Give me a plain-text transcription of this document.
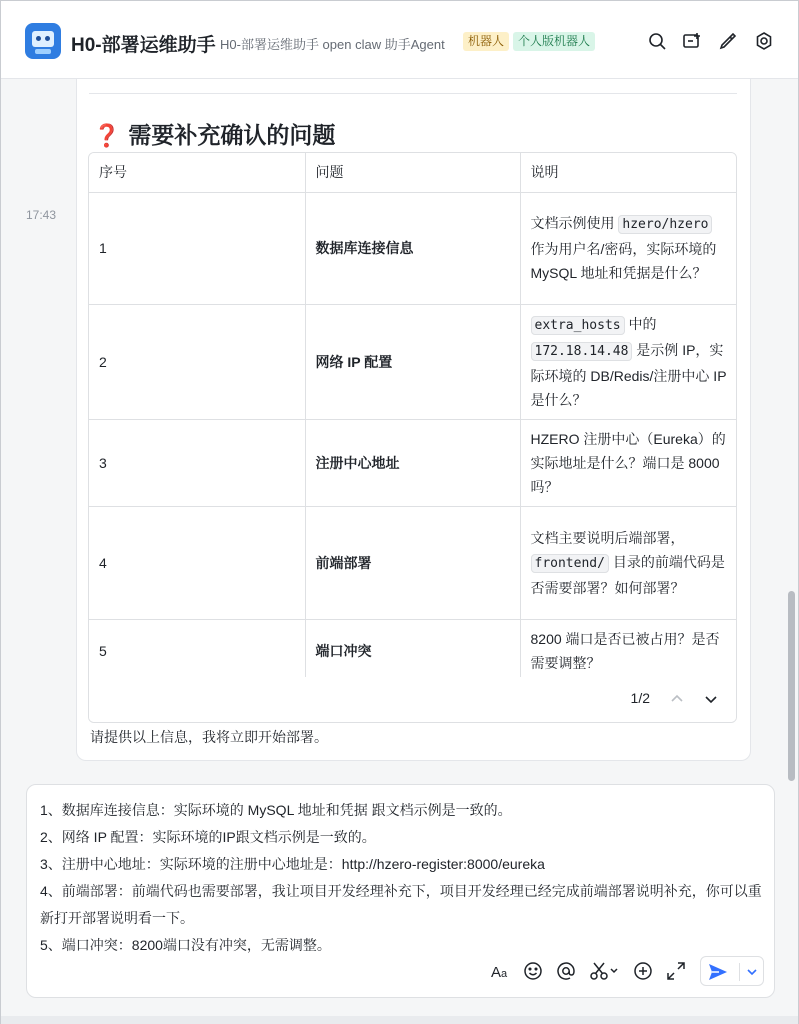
H0-部署运维助手 H0-部署运维助手 open claw 助手Agent	机器人	个人版机器人
17:43
❓ 需要补充确认的问题
序号	问题	说明
1	数据库连接信息	文档示例使用 hzero/hzero 作为用户名/密码，实际环境的 MySQL 地址和凭据是什么？
2	网络 IP 配置	extra_hosts 中的 172.18.14.48 是示例 IP，实际环境的 DB/Redis/注册中心 IP 是什么？
3	注册中心地址	HZERO 注册中心（Eureka）的实际地址是什么？端口是 8000 吗？
4	前端部署	文档主要说明后端部署，frontend/ 目录的前端代码是否需要部署？如何部署？
5	端口冲突	8200 端口是否已被占用？是否需要调整？
1/2
请提供以上信息，我将立即开始部署。

1、数据库连接信息：实际环境的 MySQL 地址和凭据 跟文档示例是一致的。

2、网络 IP 配置：实际环境的IP跟文档示例是一致的。

3、注册中心地址：实际环境的注册中心地址是：http://hzero-register:8000/eureka

4、前端部署：前端代码也需要部署，我让项目开发经理补充下，项目开发经理已经完成前端部署说明补充，你可以重新打开部署说明看一下。

5、端口冲突：8200端口没有冲突，无需调整。

A a
